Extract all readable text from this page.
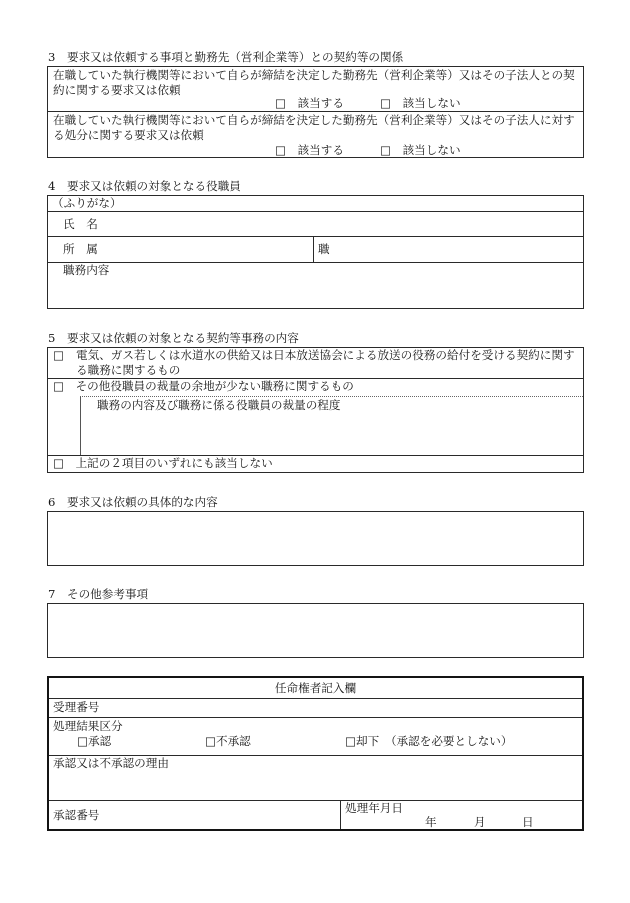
3　要求又は依頼する事項と勤務先（営利企業等）との契約等の関係
在職していた執行機関等において自らが締結を決定した勤務先（営利企業等）又はその子法人との契約に関する要求又は依頼
□ 該当する	□ 該当しない
在職していた執行機関等において自らが締結を決定した勤務先（営利企業等）又はその子法人に対する処分に関する要求又は依頼
□ 該当する	□ 該当しない
4　要求又は依頼の対象となる役職員
（ふりがな）
氏　名
所　属	職
職務内容
5　要求又は依頼の対象となる契約等事務の内容
□ 電気、ガス若しくは水道水の供給又は日本放送協会による放送の役務の給付を受ける契約に関する職務に関するもの
□ その他役職員の裁量の余地が少ない職務に関するもの
職務の内容及び職務に係る役職員の裁量の程度
□ 上記の２項目のいずれにも該当しない
6　要求又は依頼の具体的な内容
7　その他参考事項
任命権者記入欄
受理番号
処理結果区分
□ 承認	□ 不承認	□ 却下　（承認を必要としない）
承認又は不承認の理由
承認番号	処理年月日
年	月	日
